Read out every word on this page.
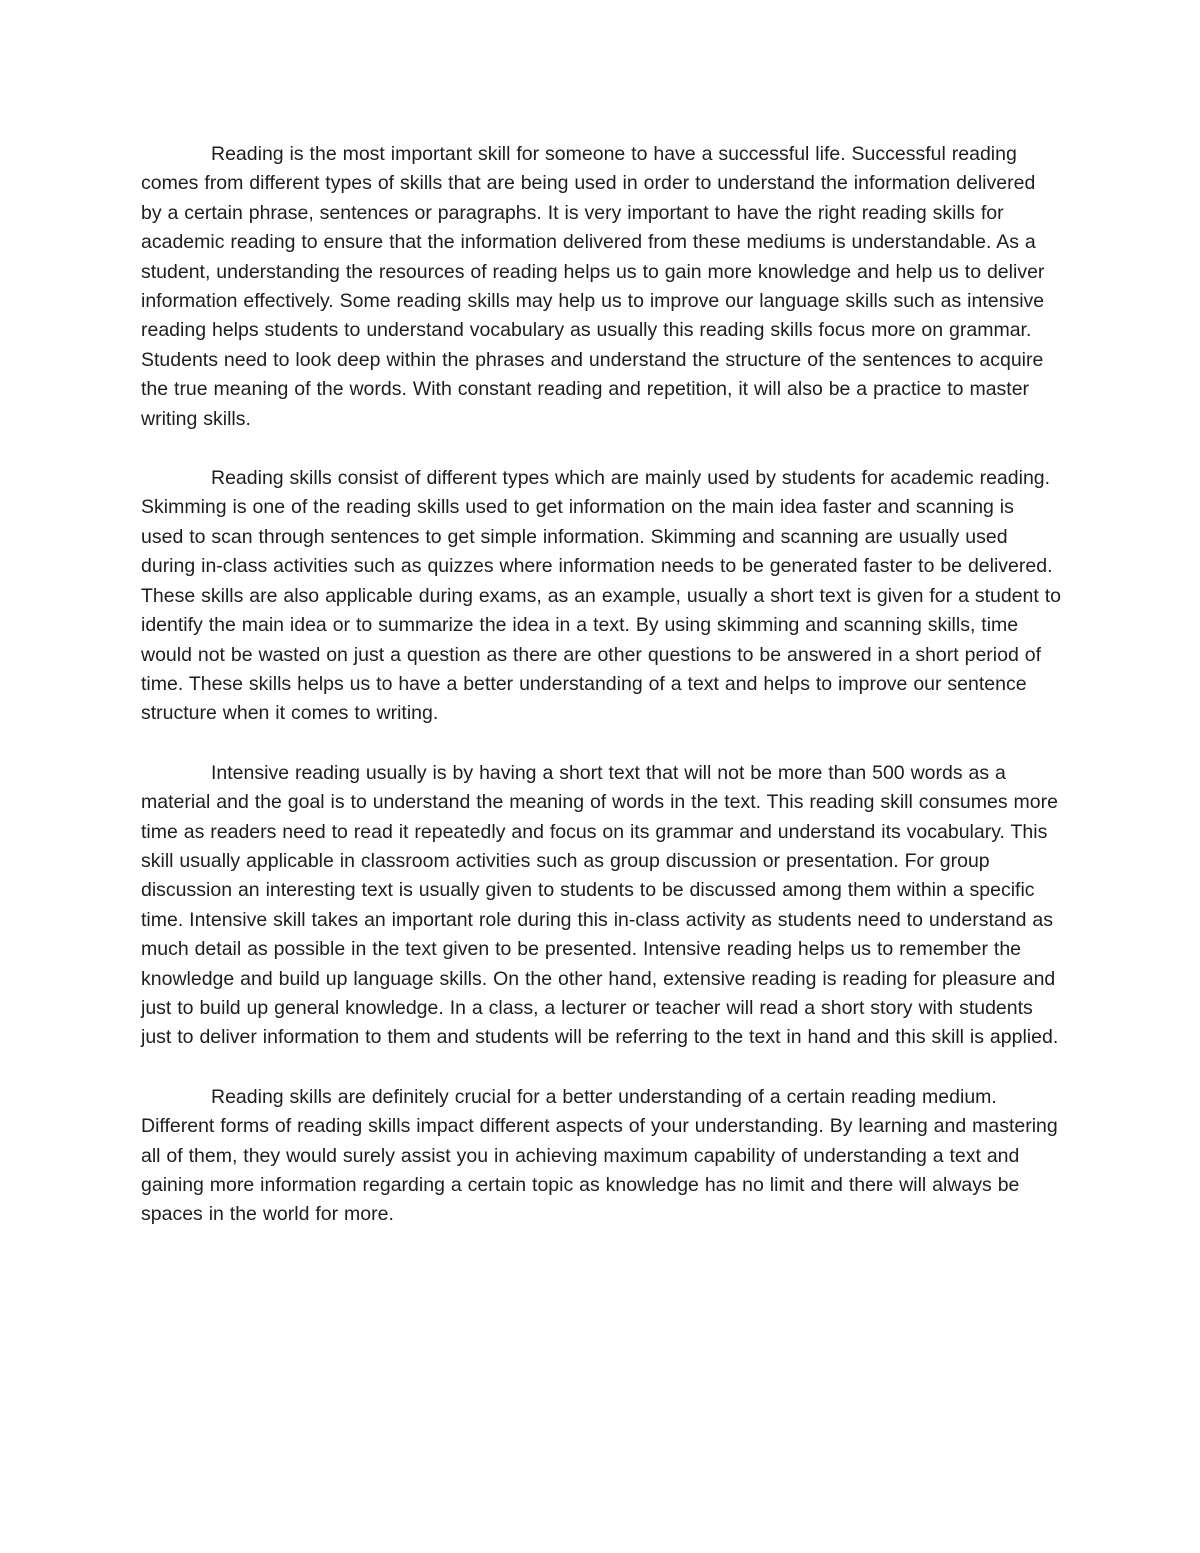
Reading is the most important skill for someone to have a successful life. Successful reading comes from different types of skills that are being used in order to understand the information delivered by a certain phrase, sentences or paragraphs. It is very important to have the right reading skills for academic reading to ensure that the information delivered from these mediums is understandable. As a student, understanding the resources of reading helps us to gain more knowledge and help us to deliver information effectively. Some reading skills may help us to improve our language skills such as intensive reading helps students to understand vocabulary as usually this reading skills focus more on grammar. Students need to look deep within the phrases and understand the structure of the sentences to acquire the true meaning of the words. With constant reading and repetition, it will also be a practice to master writing skills.

Reading skills consist of different types which are mainly used by students for academic reading. Skimming is one of the reading skills used to get information on the main idea faster and scanning is used to scan through sentences to get simple information. Skimming and scanning are usually used during in-class activities such as quizzes where information needs to be generated faster to be delivered. These skills are also applicable during exams, as an example, usually a short text is given for a student to identify the main idea or to summarize the idea in a text. By using skimming and scanning skills, time would not be wasted on just a question as there are other questions to be answered in a short period of time. These skills helps us to have a better understanding of a text and helps to improve our sentence structure when it comes to writing.

Intensive reading usually is by having a short text that will not be more than 500 words as a material and the goal is to understand the meaning of words in the text. This reading skill consumes more time as readers need to read it repeatedly and focus on its grammar and understand its vocabulary. This skill usually applicable in classroom activities such as group discussion or presentation. For group discussion an interesting text is usually given to students to be discussed among them within a specific time. Intensive skill takes an important role during this in-class activity as students need to understand as much detail as possible in the text given to be presented. Intensive reading helps us to remember the knowledge and build up language skills. On the other hand, extensive reading is reading for pleasure and just to build up general knowledge. In a class, a lecturer or teacher will read a short story with students just to deliver information to them and students will be referring to the text in hand and this skill is applied.

Reading skills are definitely crucial for a better understanding of a certain reading medium. Different forms of reading skills impact different aspects of your understanding. By learning and mastering all of them, they would surely assist you in achieving maximum capability of understanding a text and gaining more information regarding a certain topic as knowledge has no limit and there will always be spaces in the world for more.
